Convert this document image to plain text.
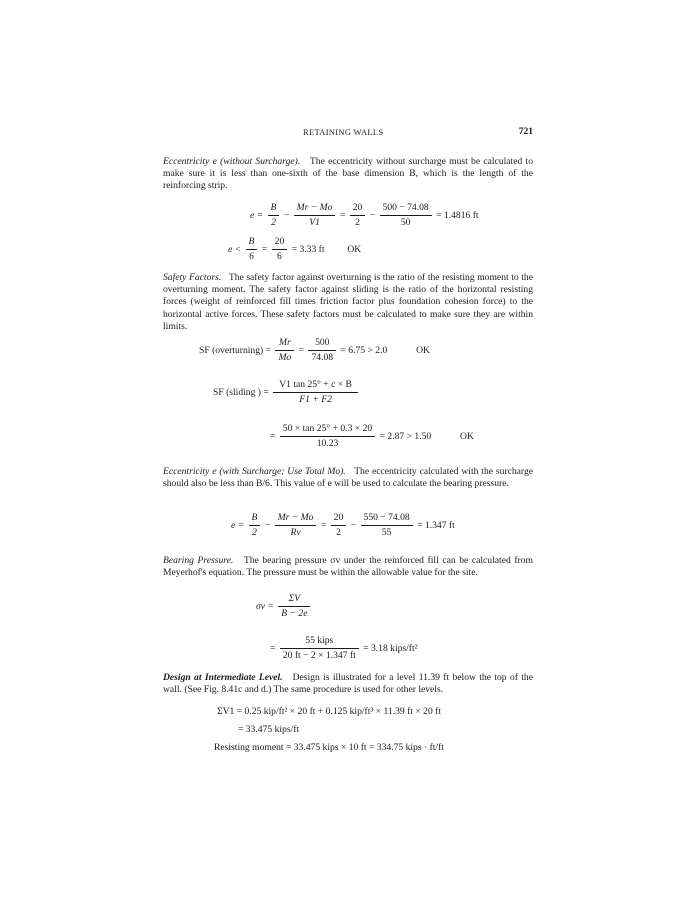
RETAINING WALLS	721
Eccentricity e (without Surcharge). The eccentricity without surcharge must be calculated to make sure it is less than one-sixth of the base dimension B, which is the length of the reinforcing strip.
$e = \frac{B}{2} - \frac{Mr - Mo}{V1} = \frac{20}{2} - \frac{500 - 74.08}{50} = 1.4816$ ft
$e < \frac{B}{6} = \frac{20}{6} = 3.33$ ft OK
Safety Factors. The safety factor against overturning is the ratio of the resisting moment to the overturning moment. The safety factor against sliding is the ratio of the horizontal resisting forces (weight of reinforced fill times friction factor plus foundation cohesion force) to the horizontal active forces. These safety factors must be calculated to make sure they are within limits.
SF (overturning) = $\frac{Mr}{Mo} = \frac{500}{74.08} = 6.75 > 2.0$	OK
SF (sliding ) = $\frac{V1 \tan 25^\circ + c \times B}{F1 + F2}$
= $\frac{50 \times \tan 25^\circ + 0.3 \times 20}{10.23} = 2.87 > 1.50$	OK
Eccentricity e (with Surcharge; Use Total Mo). The eccentricity calculated with the surcharge should also be less than B/6. This value of e will be used to calculate the bearing pressure.
$e = \frac{B}{2} - \frac{Mr - Mo}{Rv} = \frac{20}{2} - \frac{550 - 74.08}{55} = 1.347$ ft
Bearing Pressure. The bearing pressure σv under the reinforced fill can be calculated from Meyerhof's equation. The pressure must be within the allowable value for the site.
$\sigma v = \frac{\Sigma V}{B - 2e}$
= $\frac{\text{55 kips}}{20 ft - 2 \times 1.347 ft} = 3.18$ kips/ft²
Design at Intermediate Level. Design is illustrated for a level 11.39 ft below the top of the wall. (See Fig. 8.41c and d.) The same procedure is used for other levels.
ΣV1 = 0.25 kip/ft² × 20 ft + 0.125 kip/ft³ × 11.39 ft × 20 ft
= 33.475 kips/ft
Resisting moment = 33.475 kips × 10 ft = 334.75 kips · ft/ft
